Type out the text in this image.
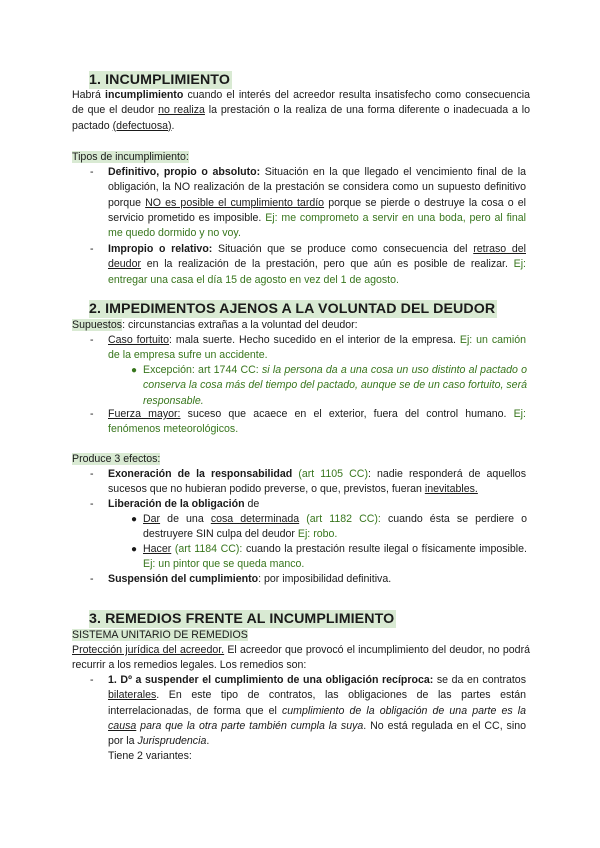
1. INCUMPLIMIENTO

Habrá incumplimiento cuando el interés del acreedor resulta insatisfecho como consecuencia de que el deudor no realiza la prestación o la realiza de una forma diferente o inadecuada a lo pactado (defectuosa).

Tipos de incumplimiento:
-	Definitivo, propio o absoluto: Situación en la que llegado el vencimiento final de la obligación, la NO realización de la prestación se considera como un supuesto definitivo porque NO es posible el cumplimiento tardío porque se pierde o destruye la cosa o el servicio prometido es imposible. Ej: me comprometo a servir en una boda, pero al final me quedo dormido y no voy.

-	Impropio o relativo: Situación que se produce como consecuencia del retraso del deudor en la realización de la prestación, pero que aún es posible de realizar. Ej: entregar una casa el día 15 de agosto en vez del 1 de agosto.

2. IMPEDIMENTOS AJENOS A LA VOLUNTAD DEL DEUDOR
Supuestos: circunstancias extrañas a la voluntad del deudor:
-	Caso fortuito: mala suerte. Hecho sucedido en el interior de la empresa. Ej: un camión de la empresa sufre un accidente.

● Excepción: art 1744 CC: si la persona da a una cosa un uso distinto al pactado o conserva la cosa más del tiempo del pactado, aunque se de un caso fortuito, será responsable.

-	Fuerza mayor: suceso que acaece en el exterior, fuera del control humano. Ej: fenómenos meteorológicos.

Produce 3 efectos:
-	Exoneración de la responsabilidad (art 1105 CC): nadie responderá de aquellos sucesos que no hubieran podido preverse, o que, previstos, fueran inevitables.

-	Liberación de la obligación de
● Dar de una cosa determinada (art 1182 CC): cuando ésta se perdiere o destruyere SIN culpa del deudor Ej: robo.

● Hacer (art 1184 CC): cuando la prestación resulte ilegal o físicamente imposible. Ej: un pintor que se queda manco.

-	Suspensión del cumplimiento: por imposibilidad definitiva.
3. REMEDIOS FRENTE AL INCUMPLIMIENTO
SISTEMA UNITARIO DE REMEDIOS

Protección jurídica del acreedor. El acreedor que provocó el incumplimiento del deudor, no podrá recurrir a los remedios legales. Los remedios son:

-	1. Dº a suspender el cumplimiento de una obligación recíproca: se da en contratos bilaterales. En este tipo de contratos, las obligaciones de las partes están interrelacionadas, de forma que el cumplimiento de la obligación de una parte es la causa para que la otra parte también cumpla la suya. No está regulada en el CC, sino por la Jurisprudencia.

Tiene 2 variantes:
